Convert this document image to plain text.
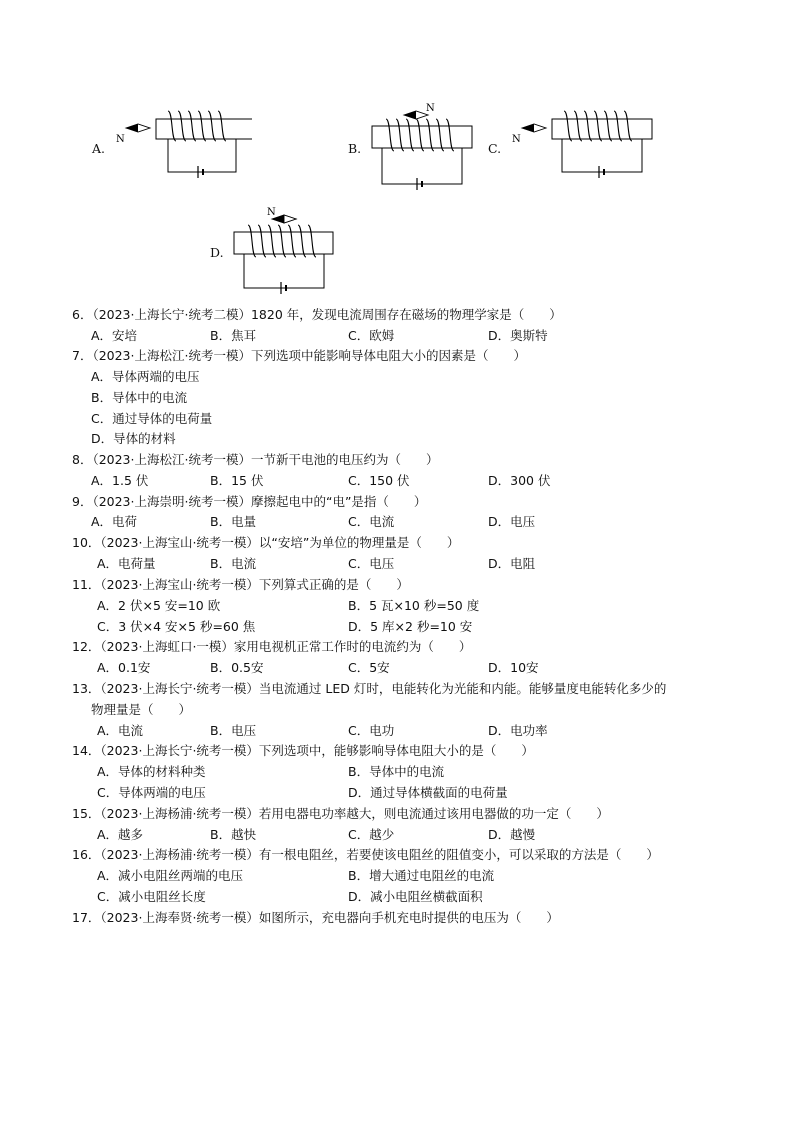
A.	B.	C.
D.
N
N
N
N
6．（2023·上海长宁·统考二模）1820 年，发现电流周围存在磁场的物理学家是（　　）
A．安培	B．焦耳	C．欧姆	D．奥斯特
7．（2023·上海松江·统考一模）下列选项中能影响导体电阻大小的因素是（　　）
A．导体两端的电压
B．导体中的电流
C．通过导体的电荷量
D．导体的材料
8．（2023·上海松江·统考一模）一节新干电池的电压约为（　　）
A．1.5 伏	B．15 伏	C．150 伏	D．300 伏
9．（2023·上海崇明·统考一模）摩擦起电中的“电”是指（　　）
A．电荷	B．电量	C．电流	D．电压
10．（2023·上海宝山·统考一模）以“安培”为单位的物理量是（　　）
A．电荷量	B．电流	C．电压	D．电阻
11．（2023·上海宝山·统考一模）下列算式正确的是（　　）
A．2 伏×5 安=10 欧	B．5 瓦×10 秒=50 度
C．3 伏×4 安×5 秒=60 焦	D．5 库×2 秒=10 安
12．（2023·上海虹口·一模）家用电视机正常工作时的电流约为（　　）
A．0.1安	B．0.5安	C．5安	D．10安
13．（2023·上海长宁·统考一模）当电流通过 LED 灯时，电能转化为光能和内能。能够量度电能转化多少的
物理量是（　　）
A．电流	B．电压	C．电功	D．电功率
14．（2023·上海长宁·统考一模）下列选项中，能够影响导体电阻大小的是（　　）
A．导体的材料种类	B．导体中的电流
C．导体两端的电压	D．通过导体横截面的电荷量
15．（2023·上海杨浦·统考一模）若用电器电功率越大，则电流通过该用电器做的功一定（　　）
A．越多	B．越快	C．越少	D．越慢
16．（2023·上海杨浦·统考一模）有一根电阻丝，若要使该电阻丝的阻值变小，可以采取的方法是（　　）
A．减小电阻丝两端的电压	B．增大通过电阻丝的电流
C．减小电阻丝长度	D．减小电阻丝横截面积
17．（2023·上海奉贤·统考一模）如图所示，充电器向手机充电时提供的电压为（　　）
